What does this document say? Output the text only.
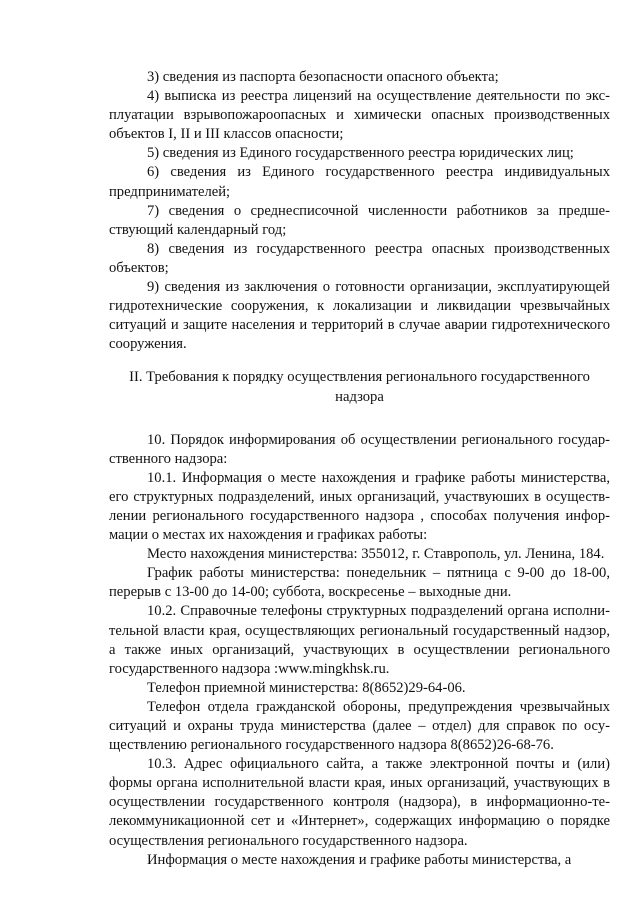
3) сведения из паспорта безопасности опасного объекта;

4) выписка из реестра лицензий на осуществление деятельности по эксплуатации взрывопожароопасных и химически опасных производственных объектов I, II и III классов опасности;

5) сведения из Единого государственного реестра юридических лиц;

6) сведения из Единого государственного реестра индивидуальных предпринимателей;

7) сведения о среднесписочной численности работников за предшествующий календарный год;

8) сведения из государственного реестра опасных производственных объектов;

9) сведения из заключения о готовности организации, эксплуатирующей гидротехнические сооружения, к локализации и ликвидации чрезвычайных ситуаций и защите населения и территорий в случае аварии гидротехнического сооружения.

II. Требования к порядку осуществления регионального государственного надзора

10. Порядок информирования об осуществлении регионального государственного надзора:

10.1. Информация о месте нахождения и графике работы министерства, его структурных подразделений, иных организаций, участвуюших в осуществлении регионального государственного надзора , способах получения информации о местах их нахождения и графиках работы:

Место нахождения министерства: 355012, г. Ставрополь, ул. Ленина, 184.

График работы министерства: понедельник – пятница с 9-00 до 18-00, перерыв с 13-00 до 14-00; суббота, воскресенье – выходные дни.

10.2. Справочные телефоны структурных подразделений органа исполнительной власти края, осуществляющих региональный государственный надзор, а также иных организаций, участвующих в осуществлении регионального государственного надзора :www.mingkhsk.ru.

Телефон приемной министерства: 8(8652)29-64-06.

Телефон отдела гражданской обороны, предупреждения чрезвычайных ситуаций и охраны труда министерства (далее – отдел) для справок по осуществлению регионального государственного надзора 8(8652)26-68-76.

10.3. Адрес официального сайта, а также электронной почты и (или) формы органа исполнительной власти края, иных организаций, участвующих в осуществлении государственного контроля (надзора), в информационно-телекоммуникационной сет и «Интернет», содержащих информацию о порядке осуществления регионального государственного надзора.

Информация о месте нахождения и графике работы министерства, а
